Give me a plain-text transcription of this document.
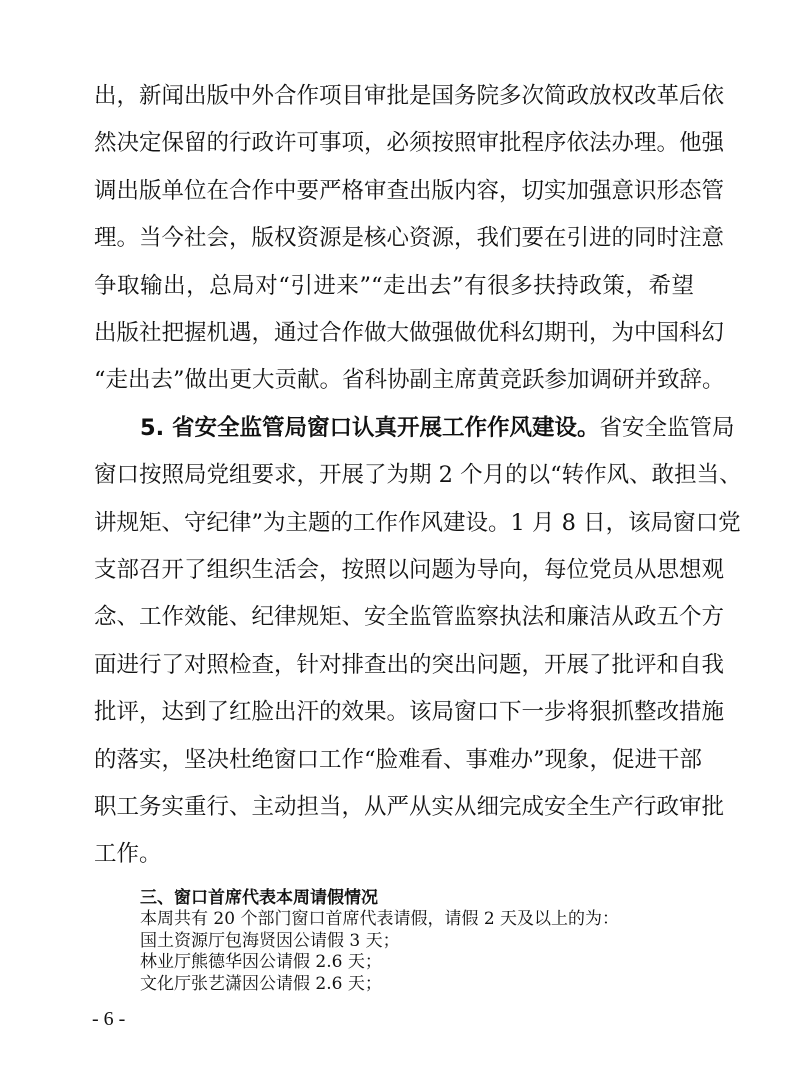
- 6 -
出，新闻出版中外合作项目审批是国务院多次简政放权改革后依
然决定保留的行政许可事项，必须按照审批程序依法办理。他强
调出版单位在合作中要严格审查出版内容，切实加强意识形态管
理。当今社会，版权资源是核心资源，我们要在引进的同时注意
争取输出，总局对“引进来”“走出去”有很多扶持政策，希望
出版社把握机遇，通过合作做大做强做优科幻期刊，为中国科幻
“走出去”做出更大贡献。省科协副主席黄竞跃参加调研并致辞。
5. 省安全监管局窗口认真开展工作作风建设。 省安全监管局
窗口按照局党组要求，开展了为期 2 个月的以“转作风、敢担当、
讲规矩、守纪律”为主题的工作作风建设。1 月 8 日，该局窗口党
支部召开了组织生活会，按照以问题为导向，每位党员从思想观
念、工作效能、纪律规矩、安全监管监察执法和廉洁从政五个方
面进行了对照检查，针对排查出的突出问题，开展了批评和自我
批评，达到了红脸出汗的效果。该局窗口下一步将狠抓整改措施
的落实，坚决杜绝窗口工作“脸难看、事难办”现象，促进干部
职工务实重行、主动担当，从严从实从细完成安全生产行政审批
工作。
三、窗口首席代表本周请假情况
本周共有 20 个部门窗口首席代表请假，请假 2 天及以上的为：
国土资源厅包海贤因公请假 3 天；
林业厅熊德华因公请假 2.6 天；
文化厅张艺潇因公请假 2.6 天；
